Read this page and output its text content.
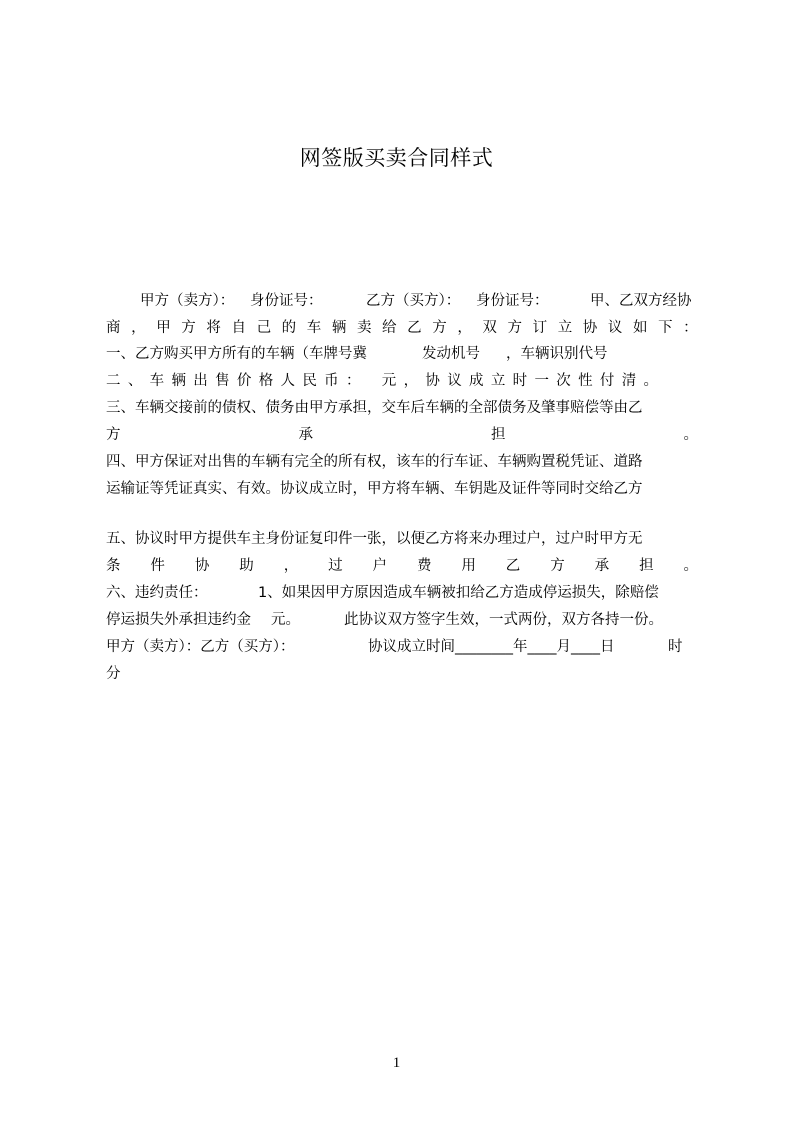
网签版买卖合同样式
甲方（卖方）： 身份证号：	乙方（买方）： 身份证号：	甲、乙双方经协
商 ， 甲 方 将 自 己 的 车 辆 卖 给 乙 方 ， 双 方 订 立 协 议 如 下 ：
一、乙方购买甲方所有的车辆（车牌号冀	发动机号 ，车辆识别代号
二 、 车 辆 出 售 价 格 人 民 币 ： 元 ， 协 议 成 立 时 一 次 性 付 清 。
三、车辆交接前的债权、债务由甲方承担，交车后车辆的全部债务及肇事赔偿等由乙
方	承	担	。
四、甲方保证对出售的车辆有完全的所有权，该车的行车证、车辆购置税凭证、道路
运输证等凭证真实、有效。协议成立时，甲方将车辆、车钥匙及证件等同时交给乙方
五、协议时甲方提供车主身份证复印件一张，以便乙方将来办理过户，过户时甲方无
条 件 协 助 ， 过 户 费 用 乙 方 承 担 。
六、违约责任：	1、如果因甲方原因造成车辆被扣给乙方造成停运损失，除赔偿
停运损失外承担违约金 元。	此协议双方签字生效，一式两份，双方各持一份。
甲方（卖方）：乙方（买方）：	协议成立时间________年____月____日	时
分
1
